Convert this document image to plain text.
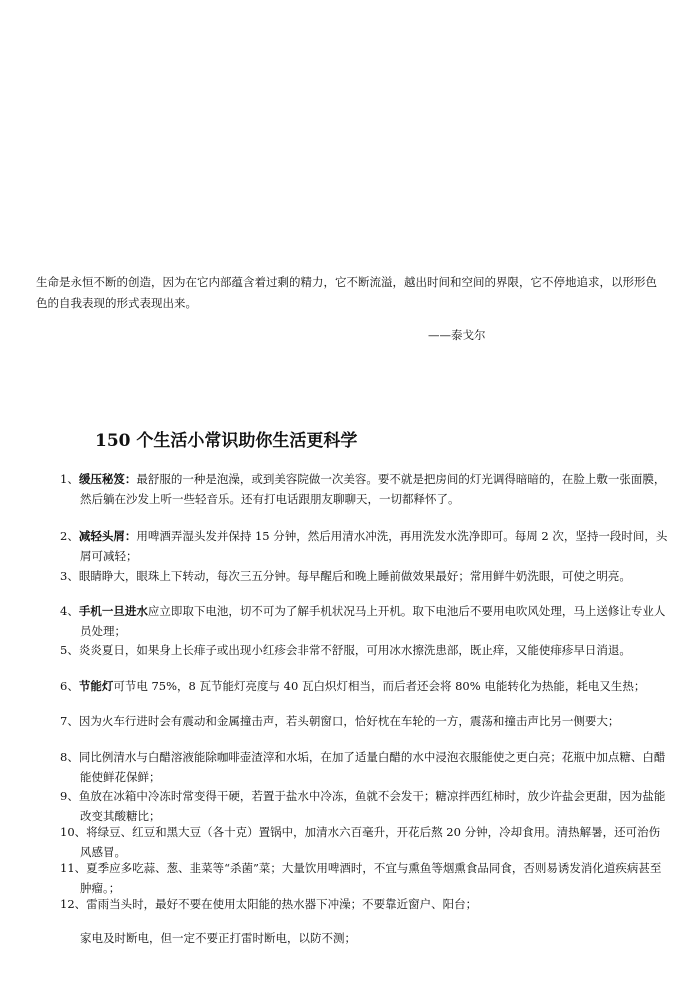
生命是永恒不断的创造，因为在它内部蕴含着过剩的精力，它不断流溢，越出时间和空间的界限，它不停地追求，以形形色色的自我表现的形式表现出来。

——泰戈尔

150 个生活小常识助你生活更科学

1、缓压秘笈：最舒服的一种是泡澡，或到美容院做一次美容。要不就是把房间的灯光调得暗暗的，在脸上敷一张面膜，然后躺在沙发上听一些轻音乐。还有打电话跟朋友聊聊天，一切都释怀了。

2、减轻头屑：用啤酒弄湿头发并保持 15 分钟，然后用清水冲洗，再用洗发水洗净即可。每周 2 次，坚持一段时间，头屑可减轻；

3、眼睛睁大，眼珠上下转动，每次三五分钟。每早醒后和晚上睡前做效果最好；常用鲜牛奶洗眼，可使之明亮。

4、手机一旦进水应立即取下电池，切不可为了解手机状况马上开机。取下电池后不要用电吹风处理，马上送修让专业人员处理；

5、炎炎夏日，如果身上长痱子或出现小红疹会非常不舒服，可用冰水擦洗患部，既止痒，又能使痱疹早日消退。

6、节能灯可节电 75%，8 瓦节能灯亮度与 40 瓦白炽灯相当，而后者还会将 80% 电能转化为热能，耗电又生热；

7、因为火车行进时会有震动和金属撞击声，若头朝窗口，恰好枕在车轮的一方，震荡和撞击声比另一侧要大；

8、同比例清水与白醋溶液能除咖啡壶渣滓和水垢，在加了适量白醋的水中浸泡衣服能使之更白亮；花瓶中加点糖、白醋能使鲜花保鲜；

9、鱼放在冰箱中冷冻时常变得干硬，若置于盐水中冷冻，鱼就不会发干；糖凉拌西红柿时，放少许盐会更甜，因为盐能改变其酸糖比；

10、将绿豆、红豆和黑大豆（各十克）置锅中，加清水六百毫升，开花后熬 20 分钟，冷却食用。清热解暑，还可治伤风感冒。

11、夏季应多吃蒜、葱、韭菜等“杀菌”菜；大量饮用啤酒时，不宜与熏鱼等烟熏食品同食，否则易诱发消化道疾病甚至肿瘤。；

12、雷雨当头时，最好不要在使用太阳能的热水器下冲澡；不要靠近窗户、阳台；

家电及时断电，但一定不要正打雷时断电，以防不测；
